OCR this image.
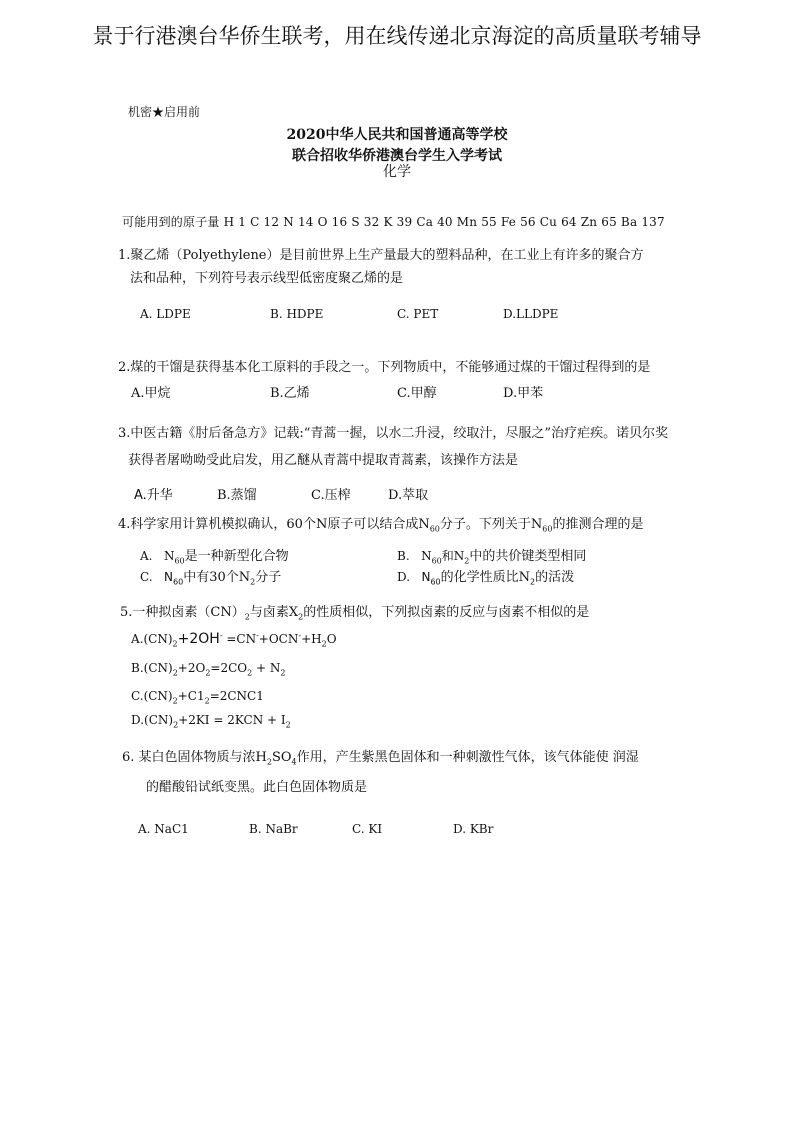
景于行港澳台华侨生联考，用在线传递北京海淀的高质量联考辅导
机密★启用前
2020中华人民共和国普通高等学校
联合招收华侨港澳台学生入学考试
化学
可能用到的原子量 H 1 C 12 N 14 O 16 S 32 K 39 Ca 40 Mn 55 Fe 56 Cu 64 Zn 65 Ba 137
1.聚乙烯（Polyethylene）是目前世界上生产量最大的塑料品种，在工业上有许多的聚合方
法和品种，下列符号表示线型低密度聚乙烯的是
A. LDPE	B. HDPE	C. PET	D.LLDPE
2.煤的干馏是获得基本化工原料的手段之一。下列物质中，不能够通过煤的干馏过程得到的是
A.甲烷	B.乙烯	C.甲醇	D.甲苯
3.中医古籍《肘后备急方》记载:“青蒿一握，以水二升浸，绞取汁，尽服之”治疗疟疾。诺贝尔奖
获得者屠呦呦受此启发，用乙醚从青蒿中提取青蒿素，该操作方法是
A.升华	B.蒸馏	C.压榨	D.萃取
4.科学家用计算机模拟确认，60个N原子可以结合成$N_{60}$分子。下列关于$N_{60}$的推测合理的是
A. $N_{60}$是一种新型化合物	B. $N_{60}$和$N_2$中的共价键类型相同
C. $N_{60}$中有30个$N_2$分子	D. $N_{60}$的化学性质比$N_2$的活泼
5.一种拟卤素$(CN)_2$与卤素$X_2$的性质相似，下列拟卤素的反应与卤素不相似的是
$A.(CN)_2+2OH^- =CN^-+OCN^-+H_2O$
$B.(CN)_2+2O_2=2CO_2 + N_2$
$C.(CN)_2+C1_2=2CNC1$
$D.(CN)_2+2KI = 2KCN + I_2$
6. 某白色固体物质与浓$H_2SO_4$作用，产生紫黑色固体和一种刺激性气体，该气体能使 润湿
的醋酸铅试纸变黑。此白色固体物质是
A. NaC1	B. NaBr	C. KI	D. KBr
